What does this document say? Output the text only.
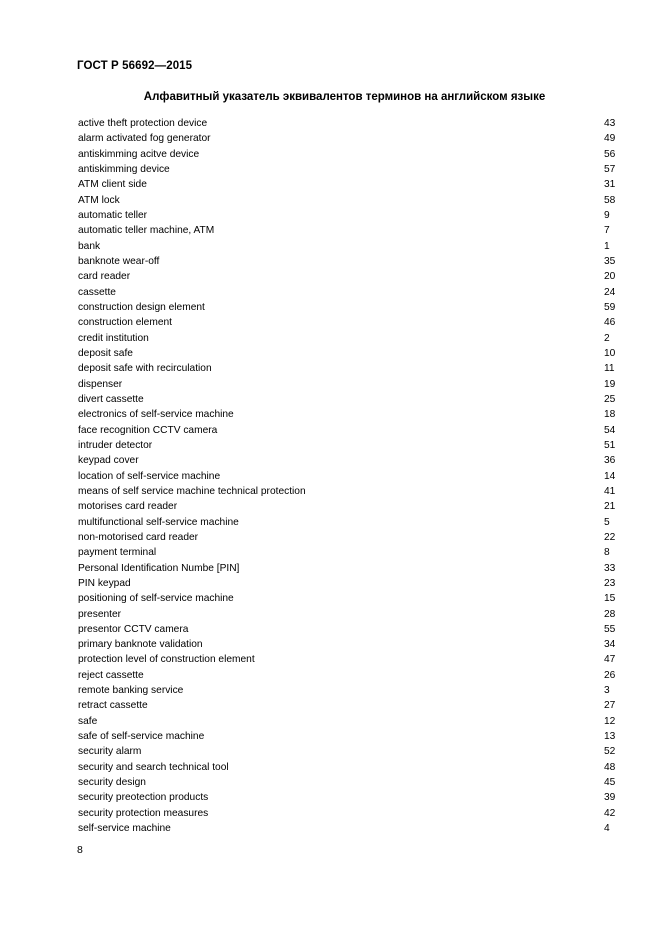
ГОСТ Р 56692—2015
Алфавитный указатель эквивалентов терминов на английском языке
active theft protection device	43
alarm activated fog generator	49
antiskimming acitve device	56
antiskimming device	57
ATM client side	31
ATM lock	58
automatic teller	9
automatic teller machine, ATM	7
bank	1
banknote wear-off	35
card reader	20
cassette	24
construction design element	59
construction element	46
credit institution	2
deposit safe	10
deposit safe with recirculation	11
dispenser	19
divert cassette	25
electronics of self-service machine	18
face recognition CCTV camera	54
intruder detector	51
keypad cover	36
location of self-service machine	14
means of self service machine technical protection	41
motorises card reader	21
multifunctional self-service machine	5
non-motorised card reader	22
payment terminal	8
Personal Identification Numbe [PIN]	33
PIN keypad	23
positioning of self-service machine	15
presenter	28
presentor CCTV camera	55
primary banknote validation	34
protection level of construction element	47
reject cassette	26
remote banking service	3
retract cassette	27
safe	12
safe of self-service machine	13
security alarm	52
security and search technical tool	48
security design	45
security preotection products	39
security protection measures	42
self-service machine	4
8
